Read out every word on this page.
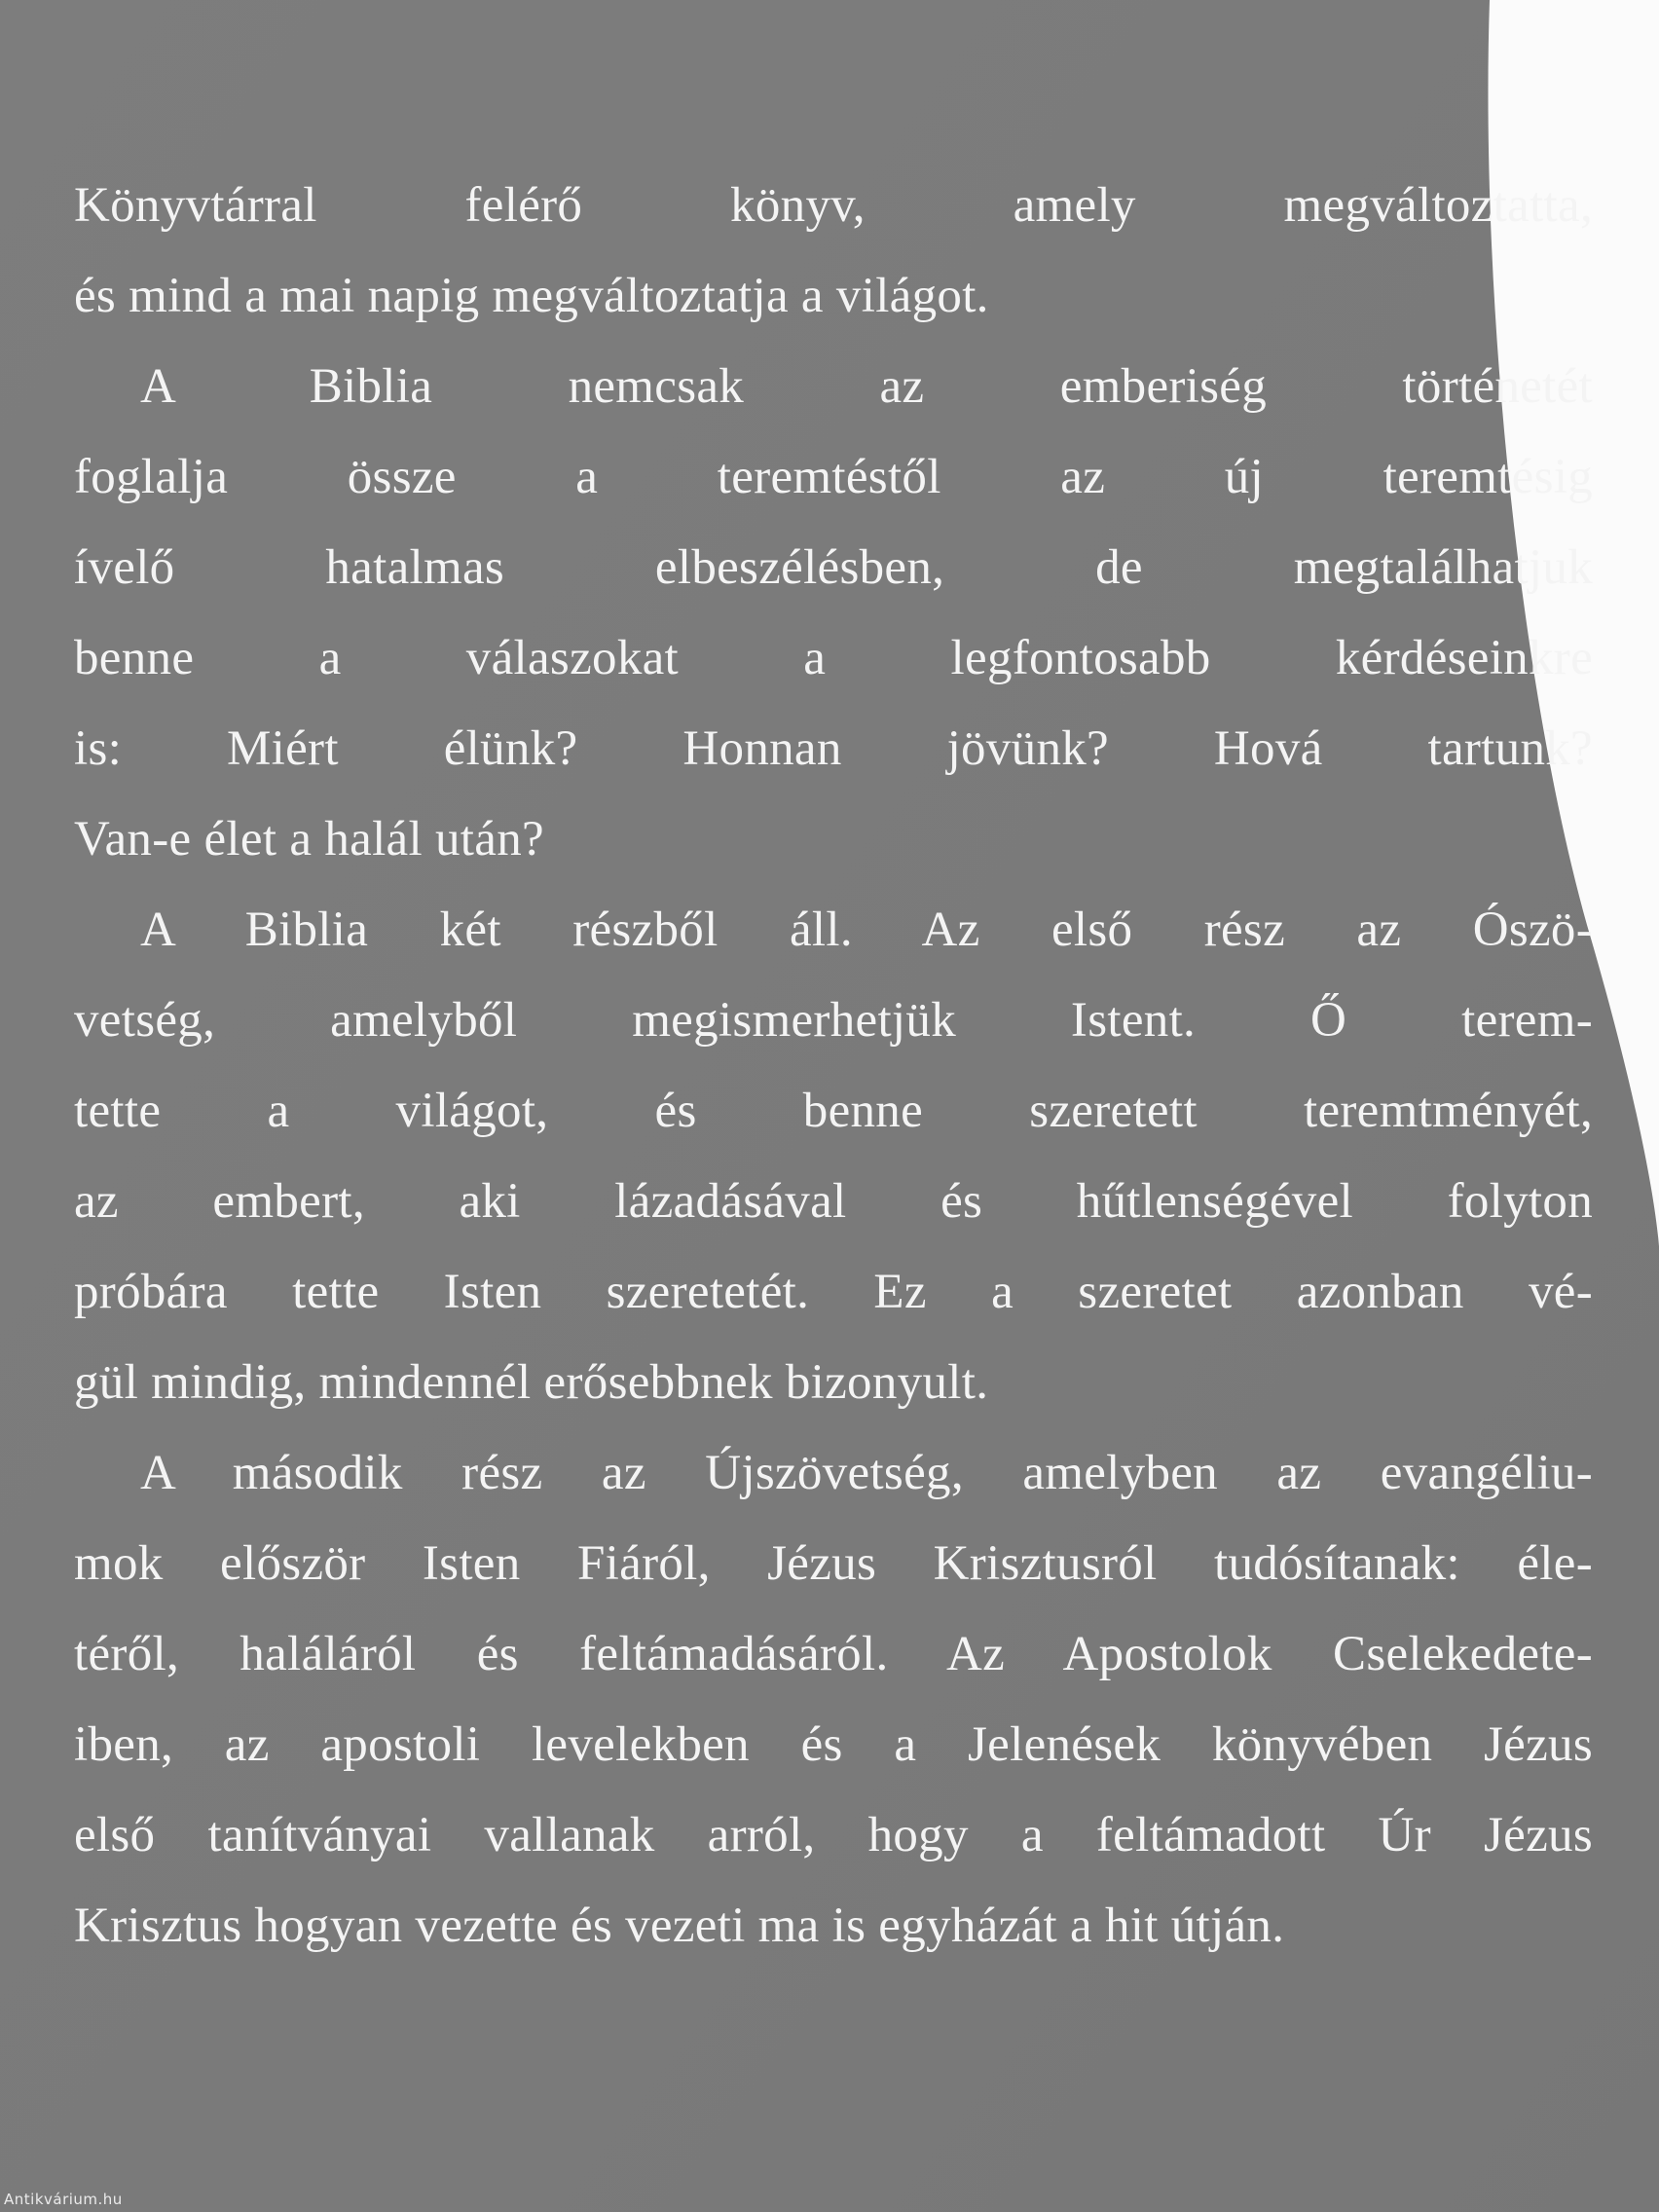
Könyvtárral felérő könyv, amely megváltoztatta,
és mind a mai napig megváltoztatja a világot.
A Biblia nemcsak az emberiség történetét
foglalja össze a teremtéstől az új teremtésig
ívelő hatalmas elbeszélésben, de megtalálhatjuk
benne a válaszokat a legfontosabb kérdéseinkre
is: Miért élünk? Honnan jövünk? Hová tartunk?
Van-e élet a halál után?
A Biblia két részből áll. Az első rész az Ószö-
vetség, amelyből megismerhetjük Istent. Ő terem-
tette a világot, és benne szeretett teremtményét,
az embert, aki lázadásával és hűtlenségével folyton
próbára tette Isten szeretetét. Ez a szeretet azonban vé-
gül mindig, mindennél erősebbnek bizonyult.
A második rész az Újszövetség, amelyben az evangéliu-
mok először Isten Fiáról, Jézus Krisztusról tudósítanak: éle-
téről, haláláról és feltámadásáról. Az Apostolok Cselekedete-
iben, az apostoli levelekben és a Jelenések könyvében Jézus
első tanítványai vallanak arról, hogy a feltámadott Úr Jézus
Krisztus hogyan vezette és vezeti ma is egyházát a hit útján.
Antikvárium.hu
